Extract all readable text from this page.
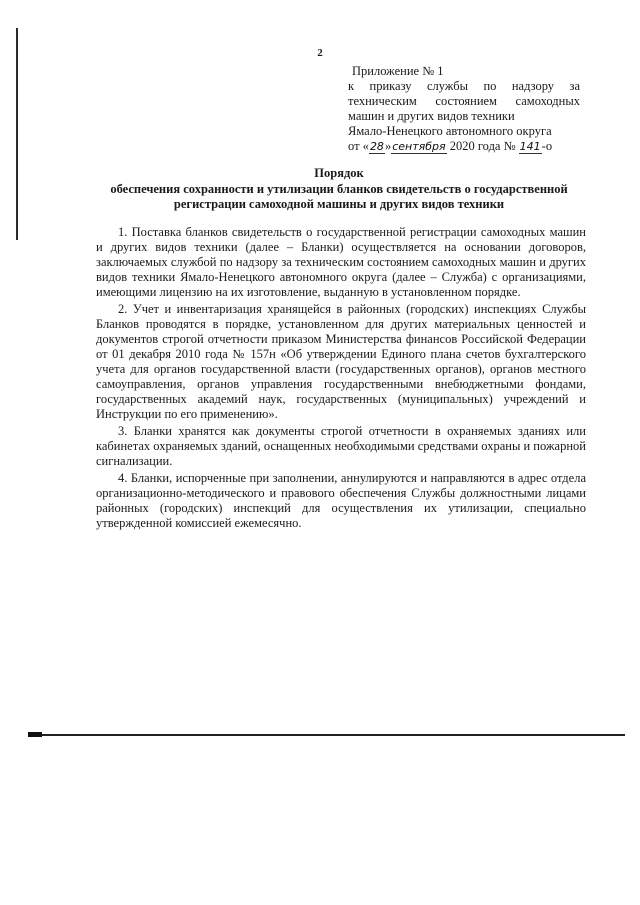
2
Приложение № 1
к приказу службы по надзору за
техническим состоянием самоходных
машин и других видов техники
Ямало-Ненецкого автономного округа
от «28»сентября 2020 года № 141-о
Порядок
обеспечения сохранности и утилизации бланков свидетельств о государственной регистрации самоходной машины и других видов техники

1. Поставка бланков свидетельств о государственной регистрации самоходных машин и других видов техники (далее – Бланки) осуществляется на основании договоров, заключаемых службой по надзору за техническим состоянием самоходных машин и других видов техники Ямало-Ненецкого автономного округа (далее – Служба) с организациями, имеющими лицензию на их изготовление, выданную в установленном порядке.

2. Учет и инвентаризация хранящейся в районных (городских) инспекциях Службы Бланков проводятся в порядке, установленном для других материальных ценностей и документов строгой отчетности приказом Министерства финансов Российской Федерации от 01 декабря 2010 года № 157н «Об утверждении Единого плана счетов бухгалтерского учета для органов государственной власти (государственных органов), органов местного самоуправления, органов управления государственными внебюджетными фондами, государственных академий наук, государственных (муниципальных) учреждений и Инструкции по его применению».

3. Бланки хранятся как документы строгой отчетности в охраняемых зданиях или кабинетах охраняемых зданий, оснащенных необходимыми средствами охраны и пожарной сигнализации.

4. Бланки, испорченные при заполнении, аннулируются и направляются в адрес отдела организационно-методического и правового обеспечения Службы должностными лицами районных (городских) инспекций для осуществления их утилизации, специально утвержденной комиссией ежемесячно.
